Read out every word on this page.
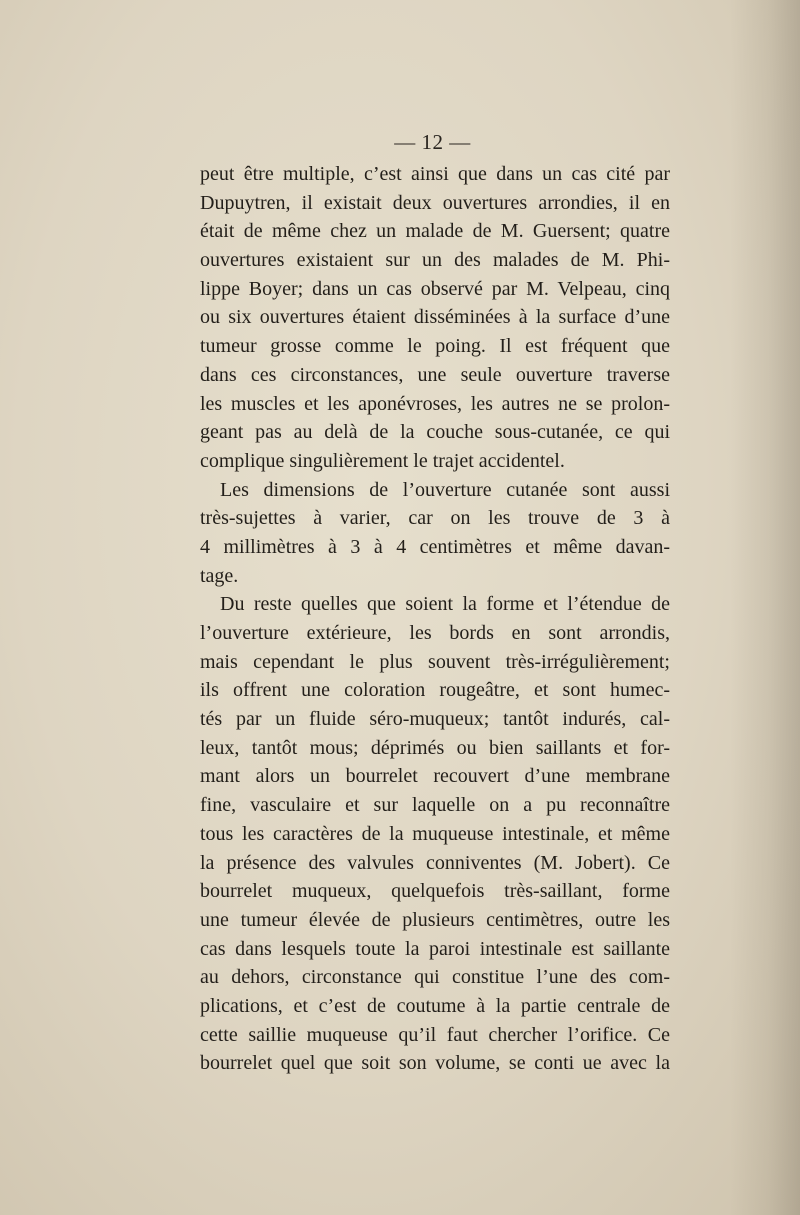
— 12 —
peut être multiple, c’est ainsi que dans un cas cité par
Dupuytren, il existait deux ouvertures arrondies, il en
était de même chez un malade de M. Guersent; quatre
ouvertures existaient sur un des malades de M. Phi-
lippe Boyer; dans un cas observé par M. Velpeau, cinq
ou six ouvertures étaient disséminées à la surface d’une
tumeur grosse comme le poing. Il est fréquent que
dans ces circonstances, une seule ouverture traverse
les muscles et les aponévroses, les autres ne se prolon-
geant pas au delà de la couche sous-cutanée, ce qui
complique singulièrement le trajet accidentel.
Les dimensions de l’ouverture cutanée sont aussi
très-sujettes à varier, car on les trouve de 3 à
4 millimètres à 3 à 4 centimètres et même davan-
tage.
Du reste quelles que soient la forme et l’étendue de
l’ouverture extérieure, les bords en sont arrondis,
mais cependant le plus souvent très-irrégulièrement;
ils offrent une coloration rougeâtre, et sont humec-
tés par un fluide séro-muqueux; tantôt indurés, cal-
leux, tantôt mous; déprimés ou bien saillants et for-
mant alors un bourrelet recouvert d’une membrane
fine, vasculaire et sur laquelle on a pu reconnaître
tous les caractères de la muqueuse intestinale, et même
la présence des valvules conniventes (M. Jobert). Ce
bourrelet muqueux, quelquefois très-saillant, forme
une tumeur élevée de plusieurs centimètres, outre les
cas dans lesquels toute la paroi intestinale est saillante
au dehors, circonstance qui constitue l’une des com-
plications, et c’est de coutume à la partie centrale de
cette saillie muqueuse qu’il faut chercher l’orifice. Ce
bourrelet quel que soit son volume, se conti ue avec la
